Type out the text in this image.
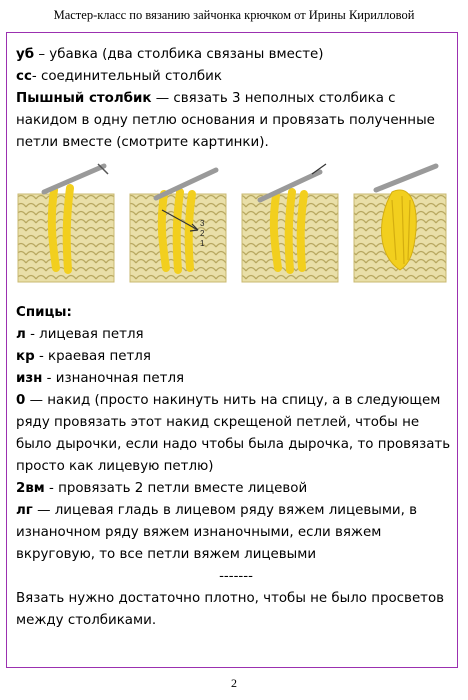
Мастер-класс по вязанию зайчонка крючком от Ирины Кирилловой

уб – убавка (два столбика связаны вместе)

сс- соединительный столбик

Пышный столбик — связать 3 неполных столбика с накидом в одну петлю основания и провязать полученные петли вместе (смотрите картинки).

Спицы:

л - лицевая петля

кр - краевая петля

изн - изнаночная петля

0 — накид (просто накинуть нить на спицу, а в следующем ряду провязать этот накид скрещеной петлей, чтобы не было дырочки, если надо чтобы была дырочка, то провязать просто как лицевую петлю)

2вм - провязать 2 петли вместе лицевой

лг — лицевая гладь в лицевом ряду вяжем лицевыми, в изнаночном ряду вяжем изнаночными, если вяжем вкруговую, то все петли вяжем лицевыми

-------

Вязать нужно достаточно плотно, чтобы не было просветов между столбиками.

3
2
1
2
